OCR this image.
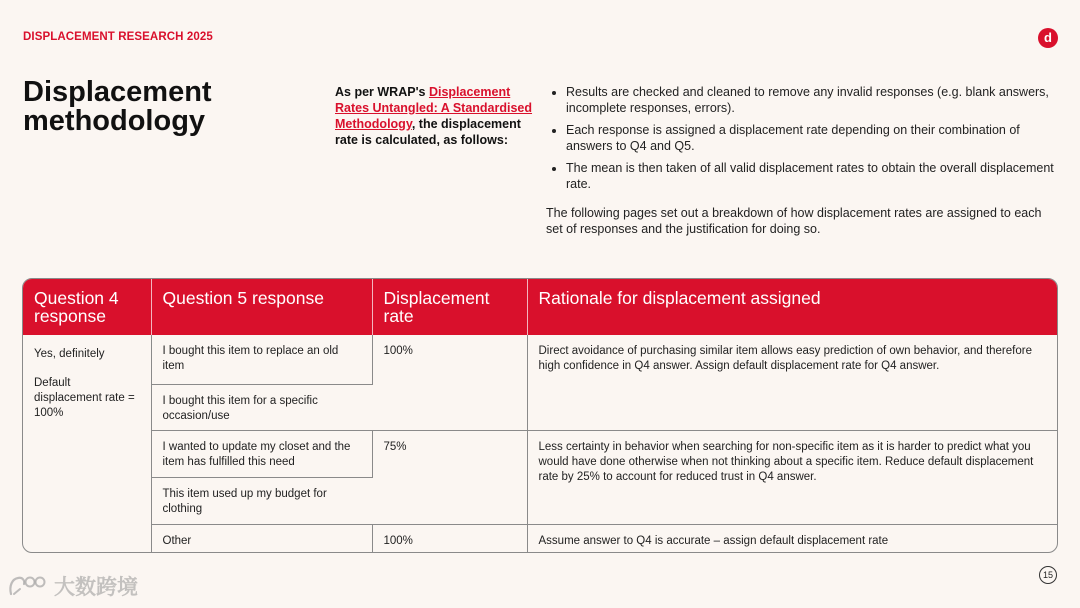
DISPLACEMENT RESEARCH 2025	d
Displacement methodology
As per WRAP's Displacement Rates Untangled: A Standardised Methodology, the displacement rate is calculated, as follows:
• Results are checked and cleaned to remove any invalid responses (e.g. blank answers, incomplete responses, errors).
• Each response is assigned a displacement rate depending on their combination of answers to Q4 and Q5.
• The mean is then taken of all valid displacement rates to obtain the overall displacement rate.

The following pages set out a breakdown of how displacement rates are assigned to each set of responses and the justification for doing so.

Question 4 response	Question 5 response	Displacement rate	Rationale for displacement assigned
Yes, definitely
Default displacement rate = 100%	I bought this item to replace an old item	100%	Direct avoidance of purchasing similar item allows easy prediction of own behavior, and therefore high confidence in Q4 answer. Assign default displacement rate for Q4 answer.
	I bought this item for a specific occasion/use		
	I wanted to update my closet and the item has fulfilled this need	75%	Less certainty in behavior when searching for non-specific item as it is harder to predict what you would have done otherwise when not thinking about a specific item. Reduce default displacement rate by 25% to account for reduced trust in Q4 answer.
	This item used up my budget for clothing		
	Other	100%	Assume answer to Q4 is accurate – assign default displacement rate
大数跨境
15
